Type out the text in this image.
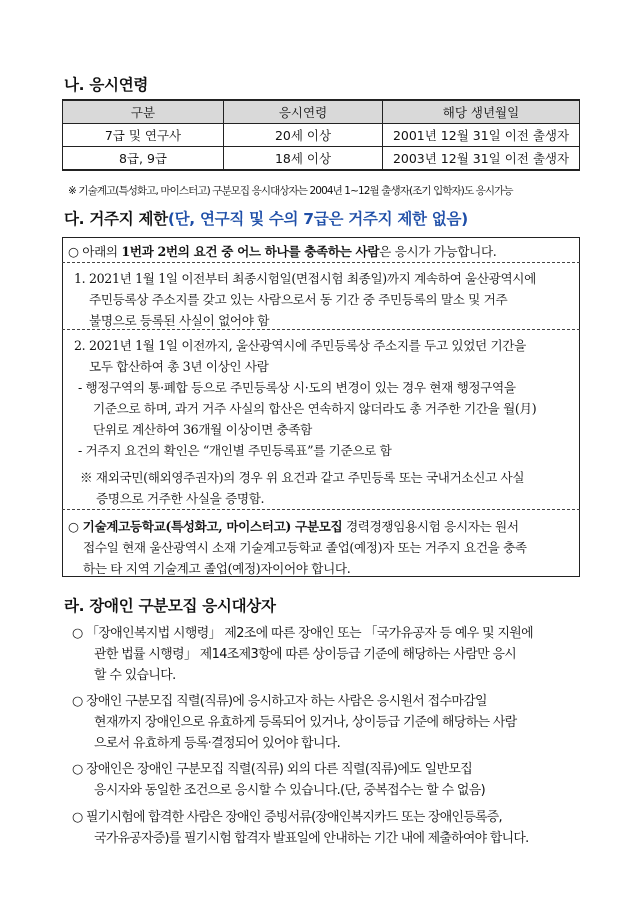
나. 응시연령
구분	응시연령	해당 생년월일
7급 및 연구사	20세 이상	2001년 12월 31일 이전 출생자
8급, 9급	18세 이상	2003년 12월 31일 이전 출생자
※ 기술계고(특성화고, 마이스터고) 구분모집 응시대상자는 2004년 1~12월 출생자(조기 입학자)도 응시가능
다. 거주지 제한(단, 연구직 및 수의 7급은 거주지 제한 없음)
○ 아래의 1번과 2번의 요건 중 어느 하나를 충족하는 사람은 응시가 가능합니다.
1. 2021년 1월 1일 이전부터 최종시험일(면접시험 최종일)까지 계속하여 울산광역시에
주민등록상 주소지를 갖고 있는 사람으로서 동 기간 중 주민등록의 말소 및 거주
불명으로 등록된 사실이 없어야 함
2. 2021년 1월 1일 이전까지, 울산광역시에 주민등록상 주소지를 두고 있었던 기간을
모두 합산하여 총 3년 이상인 사람
- 행정구역의 통·폐합 등으로 주민등록상 시·도의 변경이 있는 경우 현재 행정구역을
기준으로 하며, 과거 거주 사실의 합산은 연속하지 않더라도 총 거주한 기간을 월(月)
단위로 계산하여 36개월 이상이면 충족함
- 거주지 요건의 확인은 “개인별 주민등록표”를 기준으로 함
※ 재외국민(해외영주권자)의 경우 위 요건과 같고 주민등록 또는 국내거소신고 사실
증명으로 거주한 사실을 증명함.
○ 기술계고등학교(특성화고, 마이스터고) 구분모집 경력경쟁임용시험 응시자는 원서
접수일 현재 울산광역시 소재 기술계고등학교 졸업(예정)자 또는 거주지 요건을 충족
하는 타 지역 기술계고 졸업(예정)자이어야 합니다.
라. 장애인 구분모집 응시대상자
○ 「장애인복지법 시행령」 제2조에 따른 장애인 또는 「국가유공자 등 예우 및 지원에
관한 법률 시행령」 제14조제3항에 따른 상이등급 기준에 해당하는 사람만 응시
할 수 있습니다.
○ 장애인 구분모집 직렬(직류)에 응시하고자 하는 사람은 응시원서 접수마감일
현재까지 장애인으로 유효하게 등록되어 있거나, 상이등급 기준에 해당하는 사람
으로서 유효하게 등록·결정되어 있어야 합니다.
○ 장애인은 장애인 구분모집 직렬(직류) 외의 다른 직렬(직류)에도 일반모집
응시자와 동일한 조건으로 응시할 수 있습니다.(단, 중복접수는 할 수 없음)
○ 필기시험에 합격한 사람은 장애인 증빙서류(장애인복지카드 또는 장애인등록증,
국가유공자증)를 필기시험 합격자 발표일에 안내하는 기간 내에 제출하여야 합니다.
